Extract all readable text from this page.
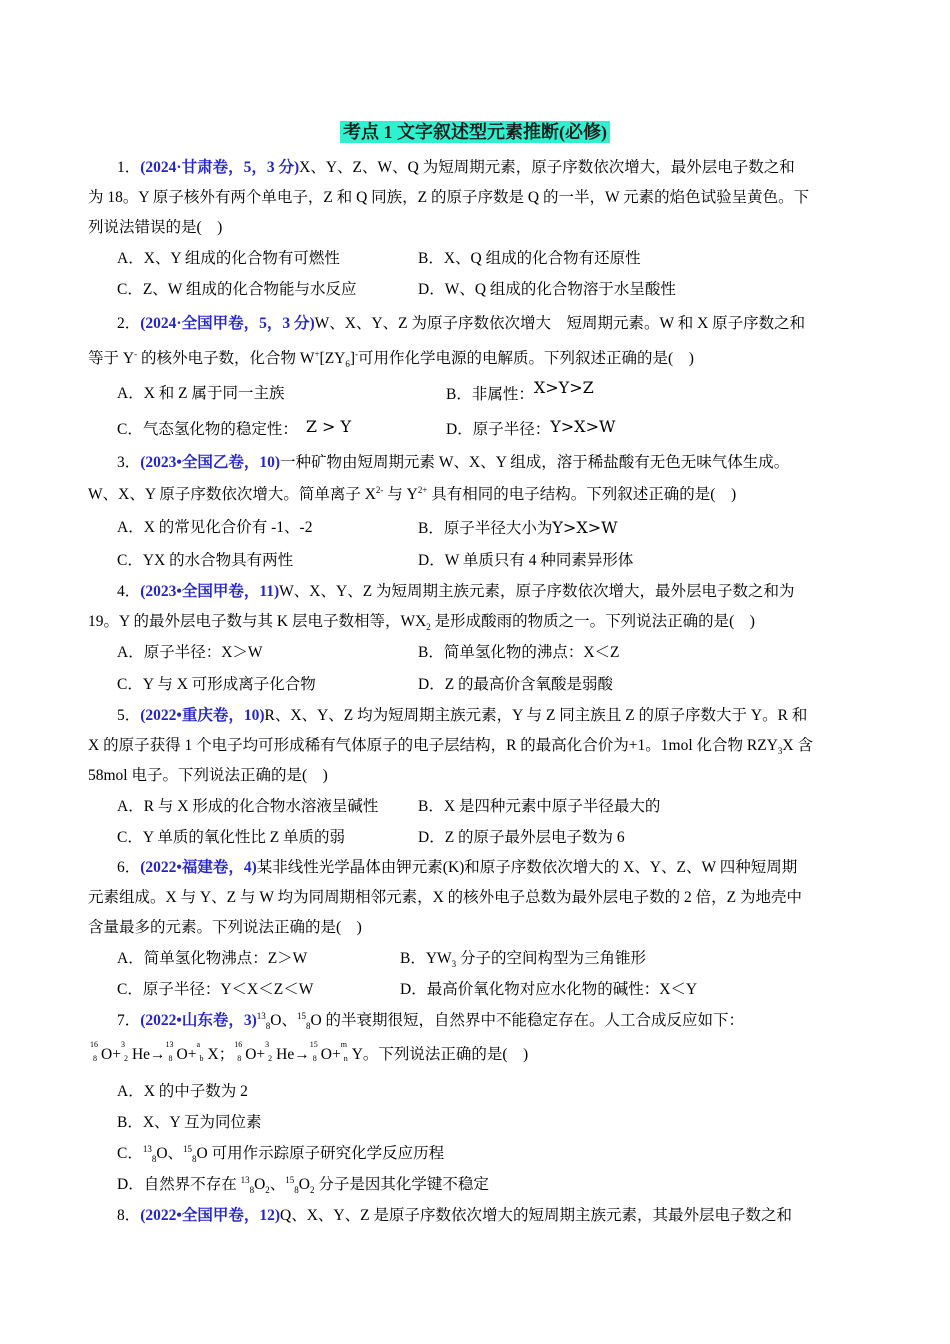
考点 1 文字叙述型元素推断(必修)
1．(2024·甘肃卷，5，3 分)X、Y、Z、W、Q 为短周期元素，原子序数依次增大，最外层电子数之和
为 18。Y 原子核外有两个单电子，Z 和 Q 同族，Z 的原子序数是 Q 的一半，W 元素的焰色试验呈黄色。下
列说法错误的是(　)
A．X、Y 组成的化合物有可燃性	B．X、Q 组成的化合物有还原性
C．Z、W 组成的化合物能与水反应	D．W、Q 组成的化合物溶于水呈酸性
2．(2024·全国甲卷，5，3 分)W、X、Y、Z 为原子序数依次增大　短周期元素。W 和 X 原子序数之和
等于 Y- 的核外电子数，化合物 $W^+[ZY_6]^-$可用作化学电源的电解质。下列叙述正确的是(　)
A．X 和 Z 属于同一主族	B．非属性：X>Y>Z
C．气态氢化物的稳定性： Z > Y	D．原子半径：Y>X>W
3．(2023•全国乙卷，10)一种矿物由短周期元素 W、X、Y 组成，溶于稀盐酸有无色无味气体生成。
W、X、Y 原子序数依次增大。简单离子 $X^{2-}$ 与 $Y^{2+}$ 具有相同的电子结构。下列叙述正确的是(　)
A．X 的常见化合价有 -1、-2	B．原子半径大小为Y>X>W
C．YX 的水合物具有两性	D．W 单质只有 4 种同素异形体
4．(2023•全国甲卷，11)W、X、Y、Z 为短周期主族元素，原子序数依次增大，最外层电子数之和为
19。Y 的最外层电子数与其 K 层电子数相等，$WX_2$ 是形成酸雨的物质之一。下列说法正确的是(　)
A．原子半径：X＞W	B．简单氢化物的沸点：X＜Z
C．Y 与 X 可形成离子化合物	D．Z 的最高价含氧酸是弱酸
5．(2022•重庆卷，10)R、X、Y、Z 均为短周期主族元素，Y 与 Z 同主族且 Z 的原子序数大于 Y。R 和
X 的原子获得 1 个电子均可形成稀有气体原子的电子层结构，R 的最高化合价为+1。1mol 化合物 $RZY_3X$ 含
58mol 电子。下列说法正确的是(　)
A．R 与 X 形成的化合物水溶液呈碱性	B．X 是四种元素中原子半径最大的
C．Y 单质的氧化性比 Z 单质的弱	D．Z 的原子最外层电子数为 6
6．(2022•福建卷，4)某非线性光学晶体由钾元素(K)和原子序数依次增大的 X、Y、Z、W 四种短周期
元素组成。X 与 Y、Z 与 W 均为同周期相邻元素，X 的核外电子总数为最外层电子数的 2 倍，Z 为地壳中
含量最多的元素。下列说法正确的是(　)
A．简单氢化物沸点：Z＞W	B．$YW_3$ 分子的空间构型为三角锥形
C．原子半径：Y＜X＜Z＜W	D．最高价氧化物对应水化物的碱性：X＜Y
7．(2022•山东卷，3)$^{13}_8$O、$^{15}_8$O 的半衰期很短，自然界中不能稳定存在。人工合成反应如下：
16
8 O+
3
2 He→
13
8 O+
a
b X；
16
8 O+
3
2 He→
15
8 O+
m
n Y。下列说法正确的是(　)
A．X 的中子数为 2
B．X、Y 互为同位素
C．$^{13}_8$O、$^{15}_8$O 可用作示踪原子研究化学反应历程
D．自然界不存在 $^{13}_8O_2$、$^{15}_8O_2$ 分子是因其化学键不稳定
8．(2022•全国甲卷，12)Q、X、Y、Z 是原子序数依次增大的短周期主族元素，其最外层电子数之和
